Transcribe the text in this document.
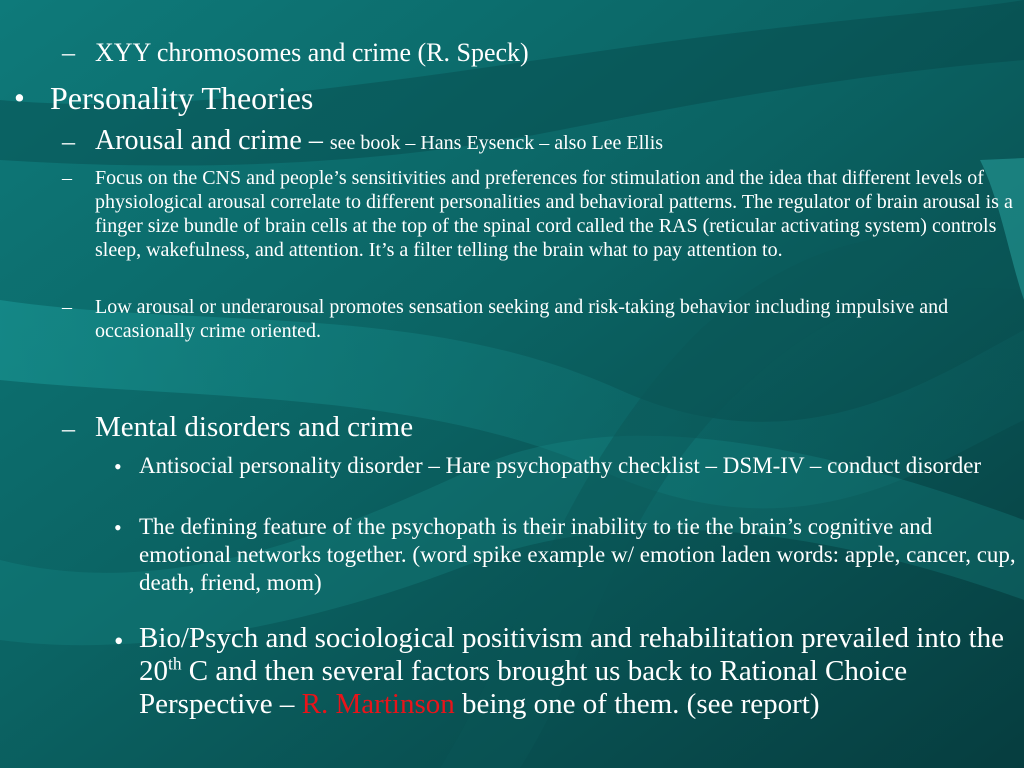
– XYY chromosomes and crime (R. Speck)
• Personality Theories
– Arousal and crime – see book – Hans Eysenck – also Lee Ellis
– Focus on the CNS and people’s sensitivities and preferences for stimulation and the idea that different levels of physiological arousal correlate to different personalities and behavioral patterns. The regulator of brain arousal is a finger size bundle of brain cells at the top of the spinal cord called the RAS (reticular activating system) controls sleep, wakefulness, and attention. It’s a filter telling the brain what to pay attention to.
– Low arousal or underarousal promotes sensation seeking and risk-taking behavior including impulsive and occasionally crime oriented.
– Mental disorders and crime
• Antisocial personality disorder – Hare psychopathy checklist – DSM-IV – conduct disorder
• The defining feature of the psychopath is their inability to tie the brain’s cognitive and emotional networks together. (word spike example w/ emotion laden words: apple, cancer, cup, death, friend, mom)
• Bio/Psych and sociological positivism and rehabilitation prevailed into the 20th C and then several factors brought us back to Rational Choice Perspective – R. Martinson being one of them. (see report)
